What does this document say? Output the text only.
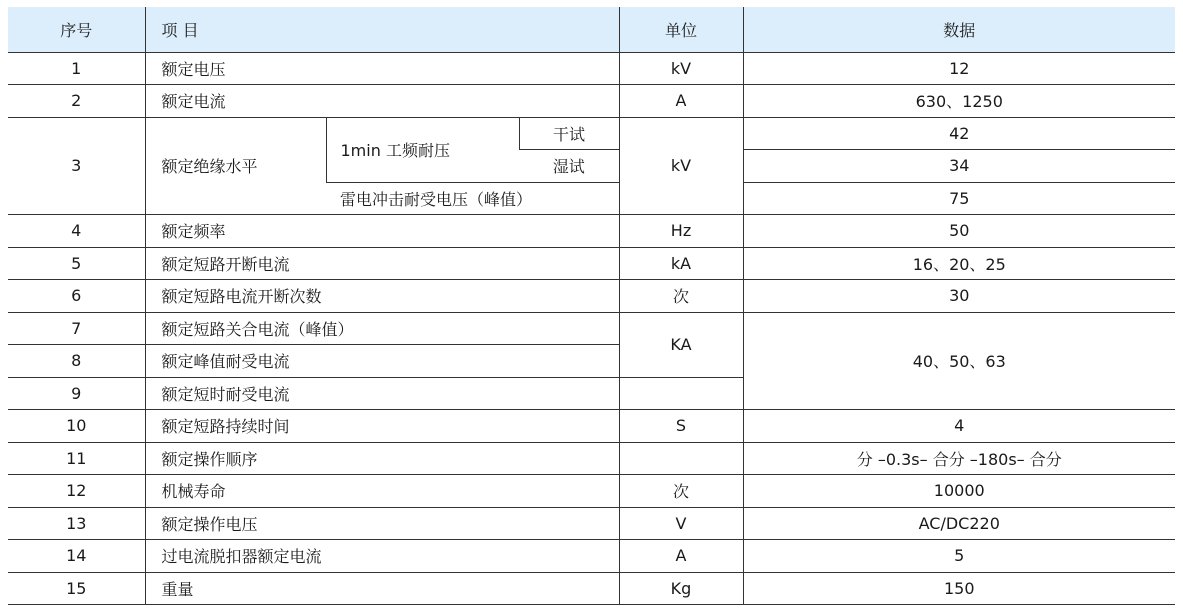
序号	项 目			单位	数据
1	额定电压			kV	12
2	额定电流			A	630、1250
3	额定绝缘水平	1min 工频耐压	干试	kV	42
			湿试		34
		雷电冲击耐受电压（峰值）			75
4	额定频率			Hz	50
5	额定短路开断电流			kA	16、20、25
6	额定短路电流开断次数			次	30
7	额定短路关合电流（峰值）			KA	40、50、63
8	额定峰值耐受电流				
9	额定短时耐受电流				
10	额定短路持续时间			S	4
11	额定操作顺序				分 –0.3s– 合分 –180s– 合分
12	机械寿命			次	10000
13	额定操作电压			V	AC/DC220
14	过电流脱扣器额定电流			A	5
15	重量			Kg	150
